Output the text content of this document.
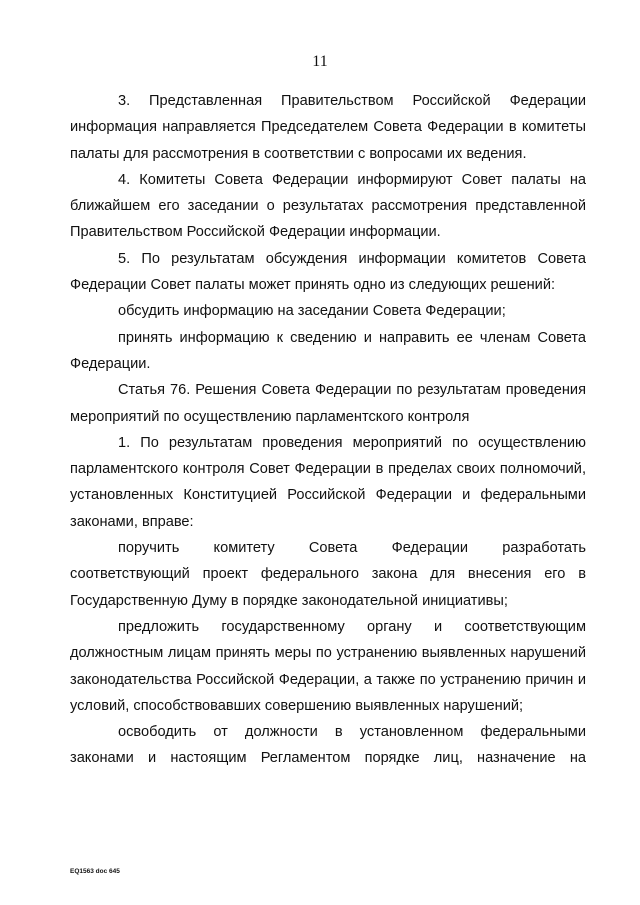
11

3. Представленная Правительством Российской Федерации информация направляется Председателем Совета Федерации в комитеты палаты для рассмотрения в соответствии с вопросами их ведения.

4. Комитеты Совета Федерации информируют Совет палаты на ближайшем его заседании о результатах рассмотрения представленной Правительством Российской Федерации информации.

5. По результатам обсуждения информации комитетов Совета Федерации Совет палаты может принять одно из следующих решений:

обсудить информацию на заседании Совета Федерации;

принять информацию к сведению и направить ее членам Совета Федерации.

Статья 76. Решения Совета Федерации по результатам проведения мероприятий по осуществлению парламентского контроля

1. По результатам проведения мероприятий по осуществлению парламентского контроля Совет Федерации в пределах своих полномочий, установленных Конституцией Российской Федерации и федеральными законами, вправе:

поручить комитету Совета Федерации разработать соответствующий проект федерального закона для внесения его в Государственную Думу в порядке законодательной инициативы;

предложить государственному органу и соответствующим должностным лицам принять меры по устранению выявленных нарушений законодательства Российской Федерации, а также по устранению причин и условий, способствовавших совершению выявленных нарушений;

освободить от должности в установленном федеральными законами и настоящим Регламентом порядке лиц, назначение на

EQ1563 doc 645
